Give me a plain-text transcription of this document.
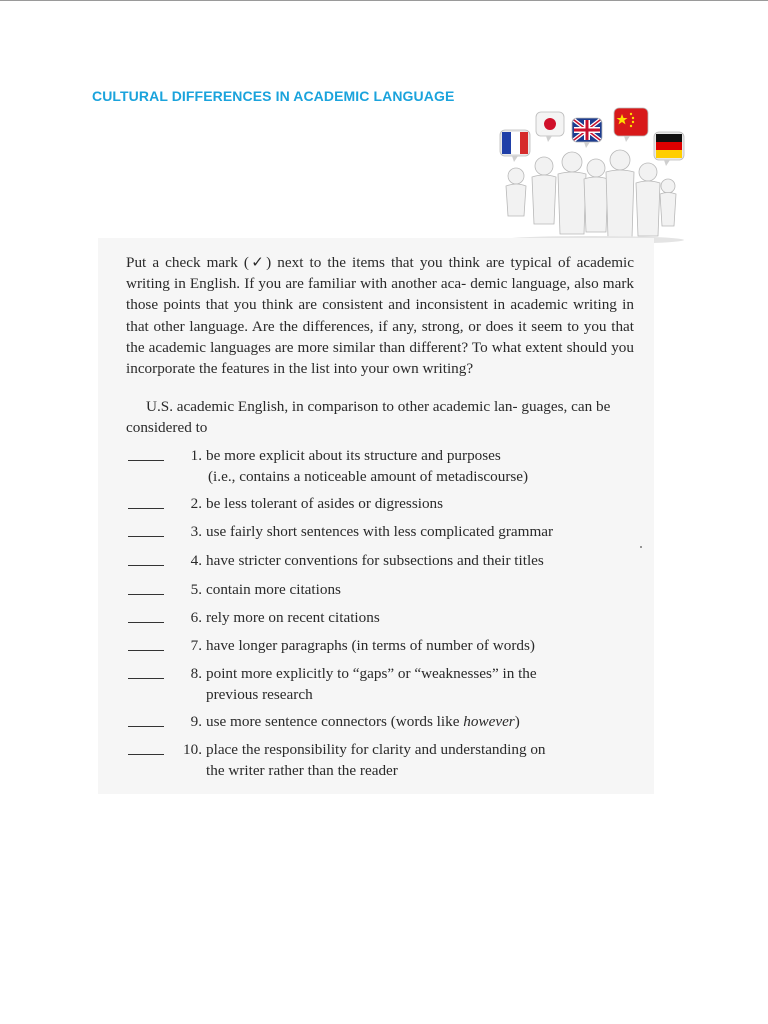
CULTURAL DIFFERENCES IN ACADEMIC LANGUAGE
Put a check mark (✓) next to the items that you think are typical of academic writing in English. If you are familiar with another aca- demic language, also mark those points that you think are consistent and inconsistent in academic writing in that other language. Are the differences, if any, strong, or does it seem to you that the academic languages are more similar than different? To what extent should you incorporate the features in the list into your own writing?
U.S. academic English, in comparison to other academic lan- guages, can be considered to
1. be more explicit about its structure and purposes
(i.e., contains a noticeable amount of metadiscourse)
2. be less tolerant of asides or digressions
3. use fairly short sentences with less complicated grammar
4. have stricter conventions for subsections and their titles
5. contain more citations
6. rely more on recent citations
7. have longer paragraphs (in terms of number of words)
8. point more explicitly to “gaps” or “weaknesses” in the
previous research
9. use more sentence connectors (words like however)
10. place the responsibility for clarity and understanding on
the writer rather than the reader
